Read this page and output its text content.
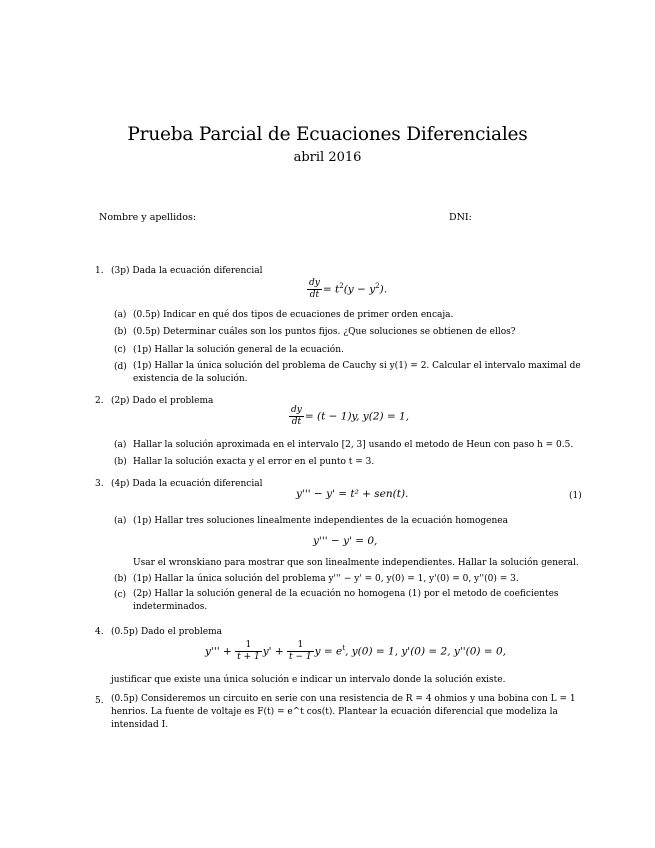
Prueba Parcial de Ecuaciones Diferenciales
abril 2016
Nombre y apellidos:	DNI:
1. (3p) Dada la ecuación diferencial
$\frac{dy}{dt} = t^2(y - y^2)$.
(a) (0.5p) Indicar en qué dos tipos de ecuaciones de primer orden encaja.
(b) (0.5p) Determinar cuáles son los puntos fijos. ¿Que soluciones se obtienen de ellos?
(c) (1p) Hallar la solución general de la ecuación.
(d) (1p) Hallar la única solución del problema de Cauchy si y(1) = 2. Calcular el intervalo maximal de existencia de la solución.
2. (2p) Dado el problema
$\frac{dy}{dt} = (t - 1)y$, y(2) = 1,
(a) Hallar la solución aproximada en el intervalo [2, 3] usando el metodo de Heun con paso h = 0.5.
(b) Hallar la solución exacta y el error en el punto t = 3.
3. (4p) Dada la ecuación diferencial
y''' − y' = t² + sen(t).	(1)
(a) (1p) Hallar tres soluciones linealmente independientes de la ecuación homogenea
y''' − y' = 0,
Usar el wronskiano para mostrar que son linealmente independientes. Hallar la solución general.
(b) (1p) Hallar la única solución del problema y''' − y' = 0, y(0) = 1, y'(0) = 0, y''(0) = 3.
(c) (2p) Hallar la solución general de la ecuación no homogena (1) por el metodo de coeficientes indeterminados.
4. (0.5p) Dado el problema
$y''' + \frac{1}{t + 1} y' + \frac{1}{t - 1}$ $y = e^t$, y(0) = 1, y'(0) = 2, y''(0) = 0,
justificar que existe una única solución e indicar un intervalo donde la solución existe.
5. (0.5p) Consideremos un circuito en serie con una resistencia de R = 4 ohmios y una bobina con L = 1 henrios. La fuente de voltaje es F(t) = e^t cos(t). Plantear la ecuación diferencial que modeliza la intensidad I.
